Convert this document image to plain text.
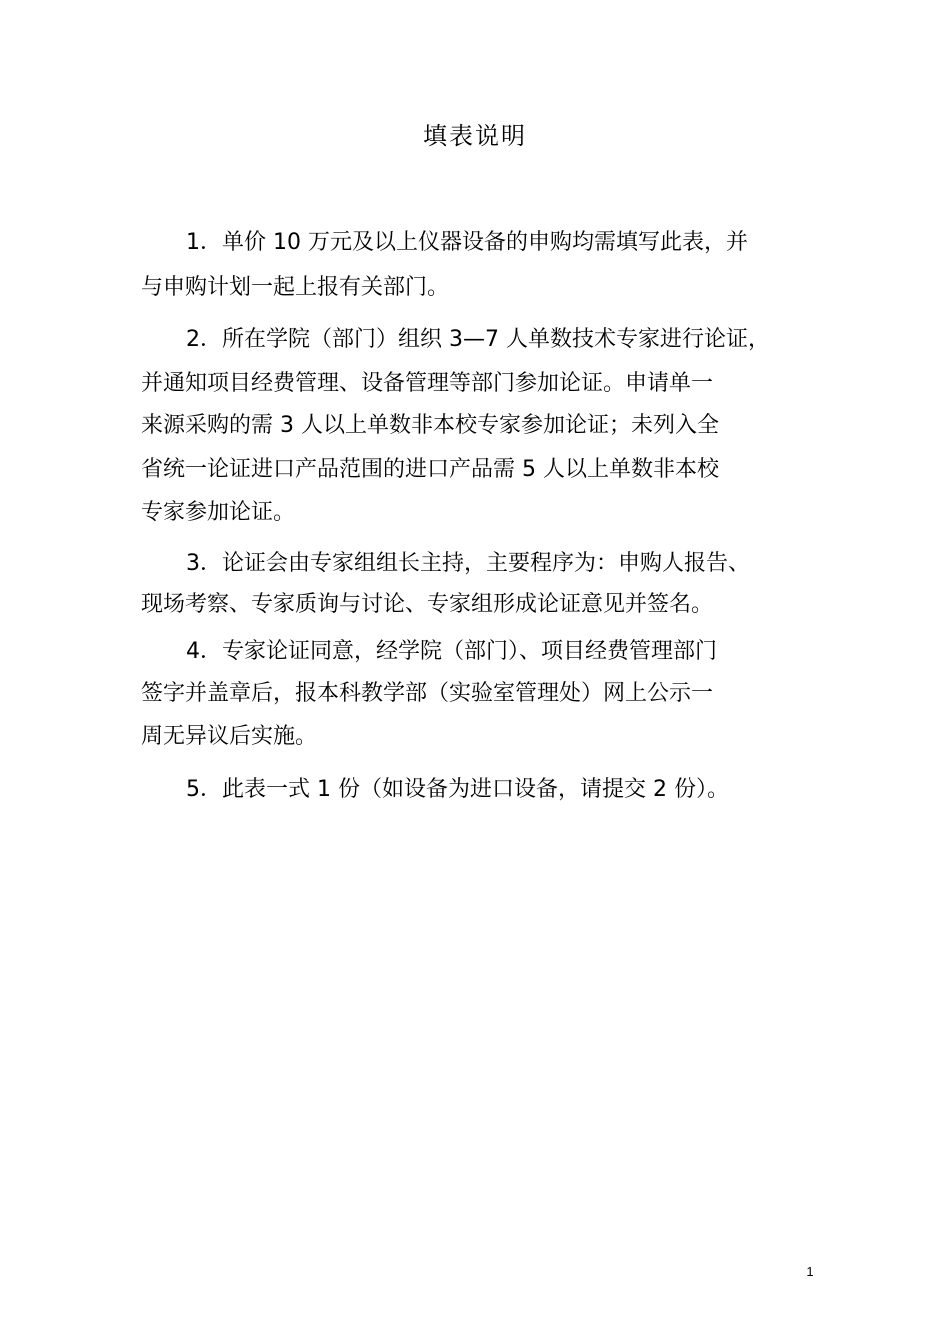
填表说明
1．单价 10 万元及以上仪器设备的申购均需填写此表，并
与申购计划一起上报有关部门。
2．所在学院（部门）组织 3—7 人单数技术专家进行论证，
并通知项目经费管理、设备管理等部门参加论证。申请单一
来源采购的需 3 人以上单数非本校专家参加论证；未列入全
省统一论证进口产品范围的进口产品需 5 人以上单数非本校
专家参加论证。
3．论证会由专家组组长主持，主要程序为：申购人报告、
现场考察、专家质询与讨论、专家组形成论证意见并签名。
4．专家论证同意，经学院（部门）、项目经费管理部门
签字并盖章后，报本科教学部（实验室管理处）网上公示一
周无异议后实施。
5．此表一式 1 份（如设备为进口设备，请提交 2 份）。
1
